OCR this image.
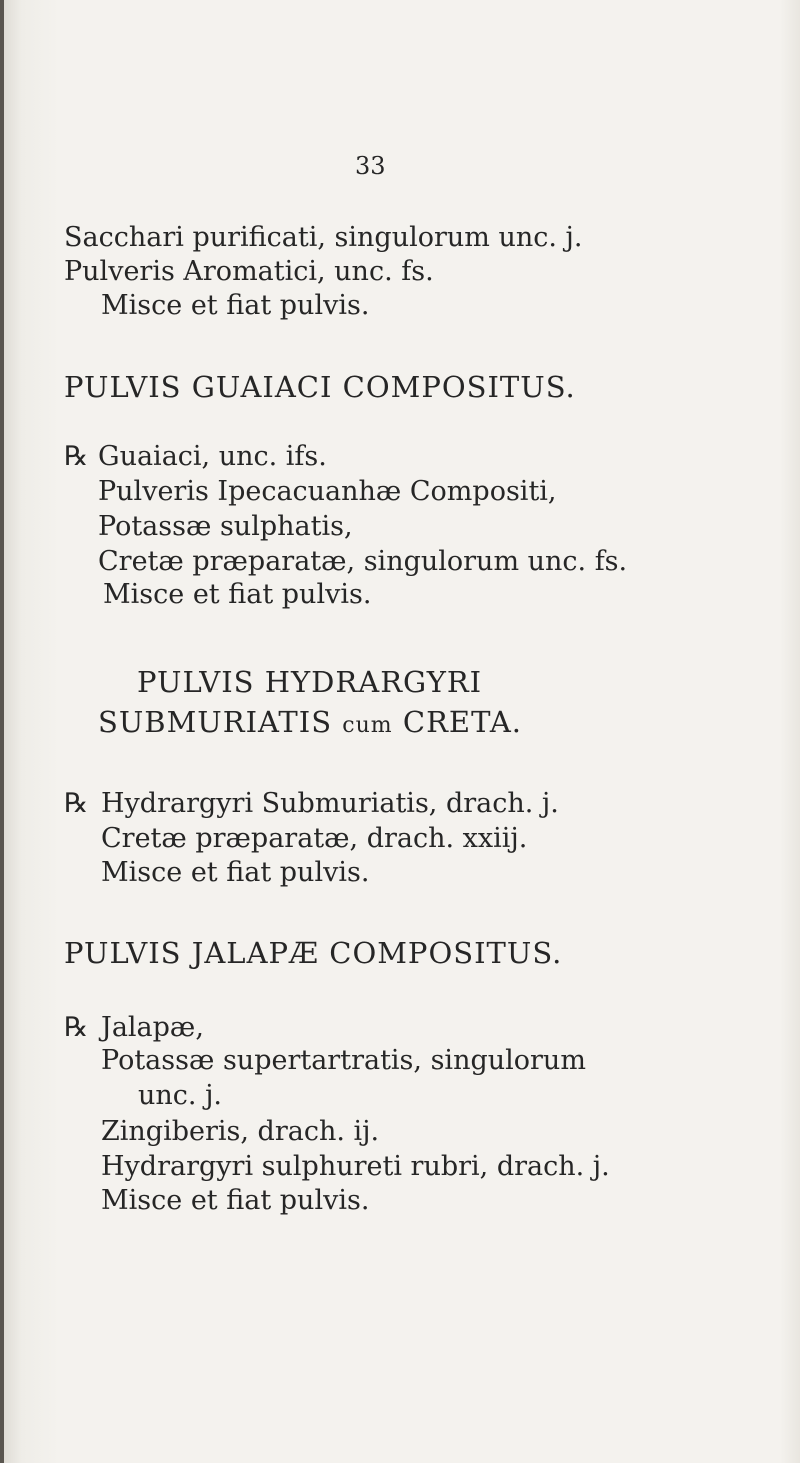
33
Sacchari purificati, singulorum unc. j.
Pulveris Aromatici, unc. fs.
Misce et fiat pulvis.
PULVIS GUAIACI COMPOSITUS.
℞ Guaiaci, unc. ifs.
Pulveris Ipecacuanhæ Compositi,
Potassæ sulphatis,
Cretæ præparatæ, singulorum unc. fs.
Misce et fiat pulvis.
PULVIS HYDRARGYRI
SUBMURIATIS cum CRETA.
℞ Hydrargyri Submuriatis, drach. j.
Cretæ præparatæ, drach. xxiij.
Misce et fiat pulvis.
PULVIS JALAPÆ COMPOSITUS.
℞ Jalapæ,
Potassæ supertartratis, singulorum
unc. j.
Zingiberis, drach. ij.
Hydrargyri sulphureti rubri, drach. j.
Misce et fiat pulvis.
